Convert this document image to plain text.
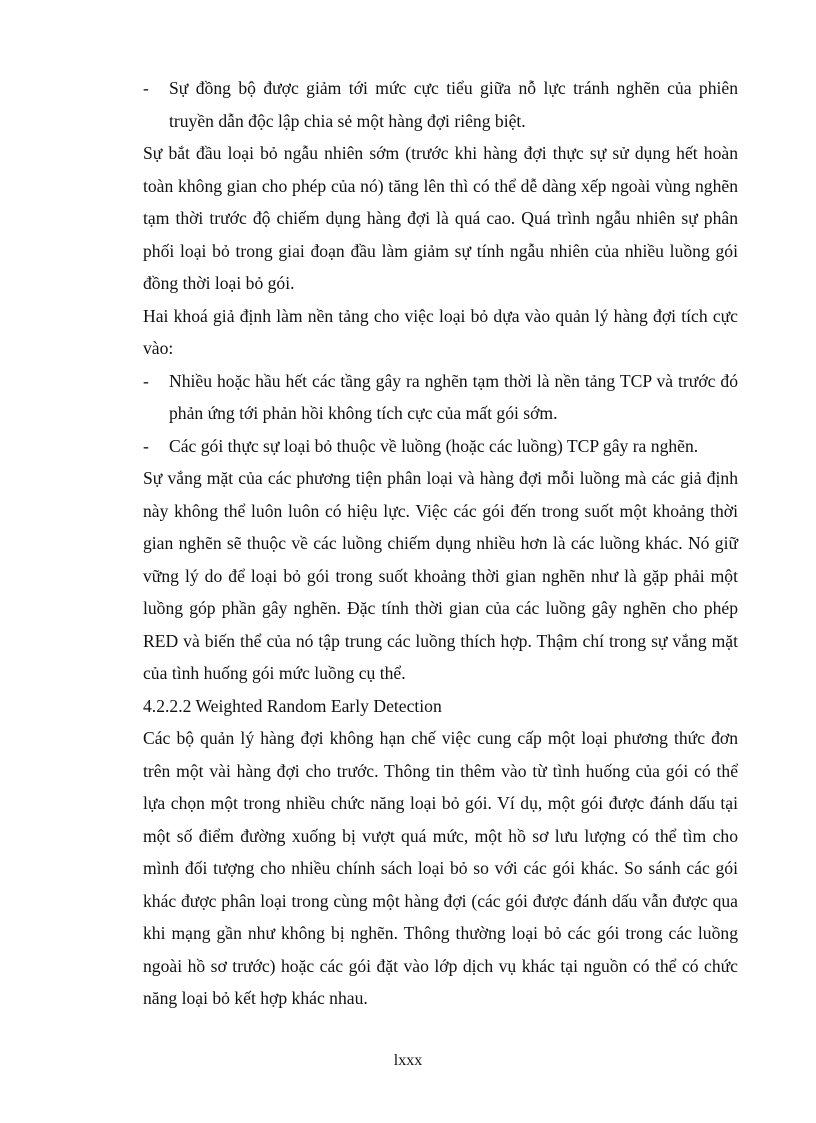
- Sự đồng bộ được giảm tới mức cực tiểu giữa nỗ lực tránh nghẽn của phiên truyền dẫn độc lập chia sẻ một hàng đợi riêng biệt.

Sự bắt đầu loại bỏ ngẫu nhiên sớm (trước khi hàng đợi thực sự sử dụng hết hoàn toàn không gian cho phép của nó) tăng lên thì có thể dễ dàng xếp ngoài vùng nghẽn tạm thời trước độ chiếm dụng hàng đợi là quá cao. Quá trình ngẫu nhiên sự phân phối loại bỏ trong giai đoạn đầu làm giảm sự tính ngẫu nhiên của nhiều luồng gói đồng thời loại bỏ gói.

Hai khoá giả định làm nền tảng cho việc loại bỏ dựa vào quản lý hàng đợi tích cực vào:

- Nhiều hoặc hầu hết các tầng gây ra nghẽn tạm thời là nền tảng TCP và trước đó phản ứng tới phản hồi không tích cực của mất gói sớm.
- Các gói thực sự loại bỏ thuộc về luồng (hoặc các luồng) TCP gây ra nghẽn.

Sự vắng mặt của các phương tiện phân loại và hàng đợi mỗi luồng mà các giả định này không thể luôn luôn có hiệu lực. Việc các gói đến trong suốt một khoảng thời gian nghẽn sẽ thuộc về các luồng chiếm dụng nhiều hơn là các luồng khác. Nó giữ vững lý do để loại bỏ gói trong suốt khoảng thời gian nghẽn như là gặp phải một luồng góp phần gây nghẽn. Đặc tính thời gian của các luồng gây nghẽn cho phép RED và biến thể của nó tập trung các luồng thích hợp. Thậm chí trong sự vắng mặt của tình huống gói mức luồng cụ thể.

4.2.2.2 Weighted Random Early Detection

Các bộ quản lý hàng đợi không hạn chế việc cung cấp một loại phương thức đơn trên một vài hàng đợi cho trước. Thông tin thêm vào từ tình huống của gói có thể lựa chọn một trong nhiều chức năng loại bỏ gói. Ví dụ, một gói được đánh dấu tại một số điểm đường xuống bị vượt quá mức, một hồ sơ lưu lượng có thể tìm cho mình đối tượng cho nhiều chính sách loại bỏ so với các gói khác. So sánh các gói khác được phân loại trong cùng một hàng đợi (các gói được đánh dấu vẫn được qua khi mạng gần như không bị nghẽn. Thông thường loại bỏ các gói trong các luồng ngoài hồ sơ trước) hoặc các gói đặt vào lớp dịch vụ khác tại nguồn có thể có chức năng loại bỏ kết hợp khác nhau.

lxxx
